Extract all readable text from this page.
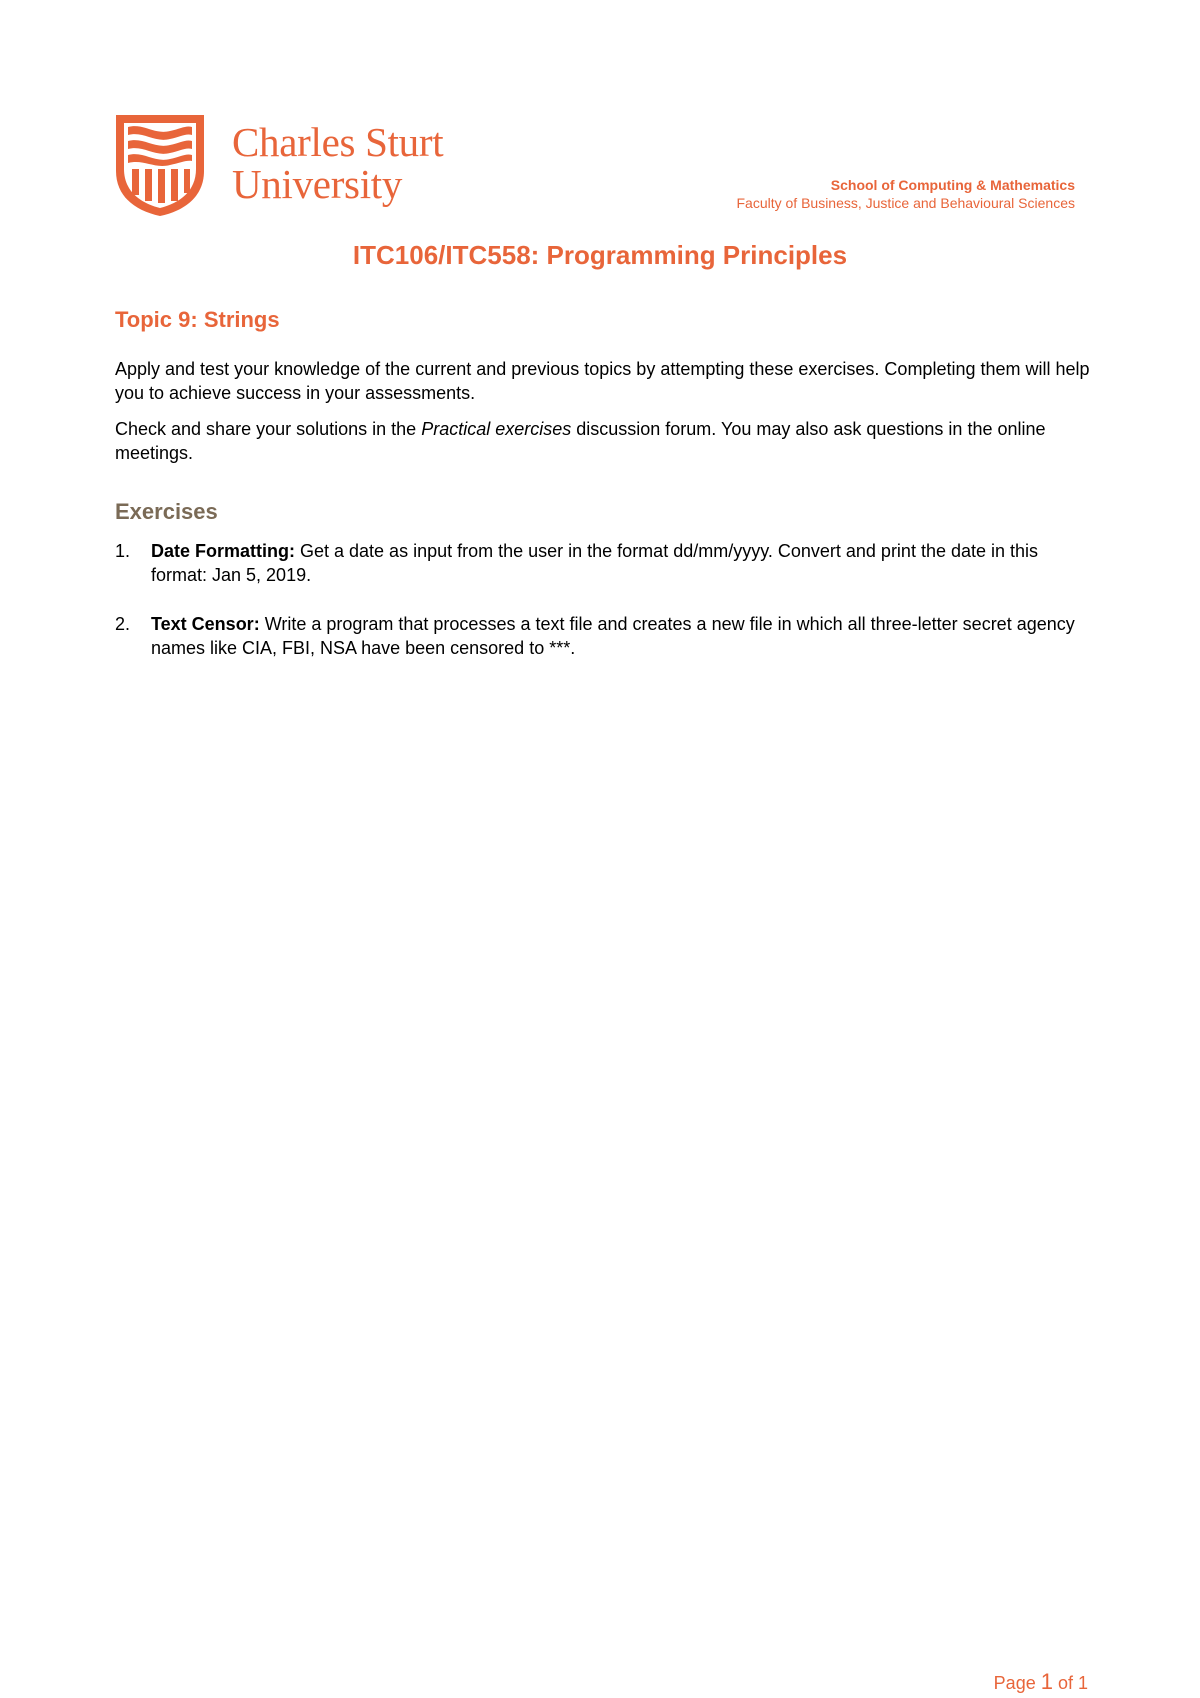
Charles Sturt
University	School of Computing & Mathematics
Faculty of Business, Justice and Behavioural Sciences
ITC106/ITC558: Programming Principles
Topic 9: Strings

Apply and test your knowledge of the current and previous topics by attempting these exercises. Completing them will help you to achieve success in your assessments.

Check and share your solutions in the Practical exercises discussion forum. You may also ask questions in the online meetings.

Exercises
1. Date Formatting: Get a date as input from the user in the format dd/mm/yyyy. Convert and print the date in this format: Jan 5, 2019.
2. Text Censor: Write a program that processes a text file and creates a new file in which all three-letter secret agency names like CIA, FBI, NSA have been censored to ***.
Page 1 of 1
